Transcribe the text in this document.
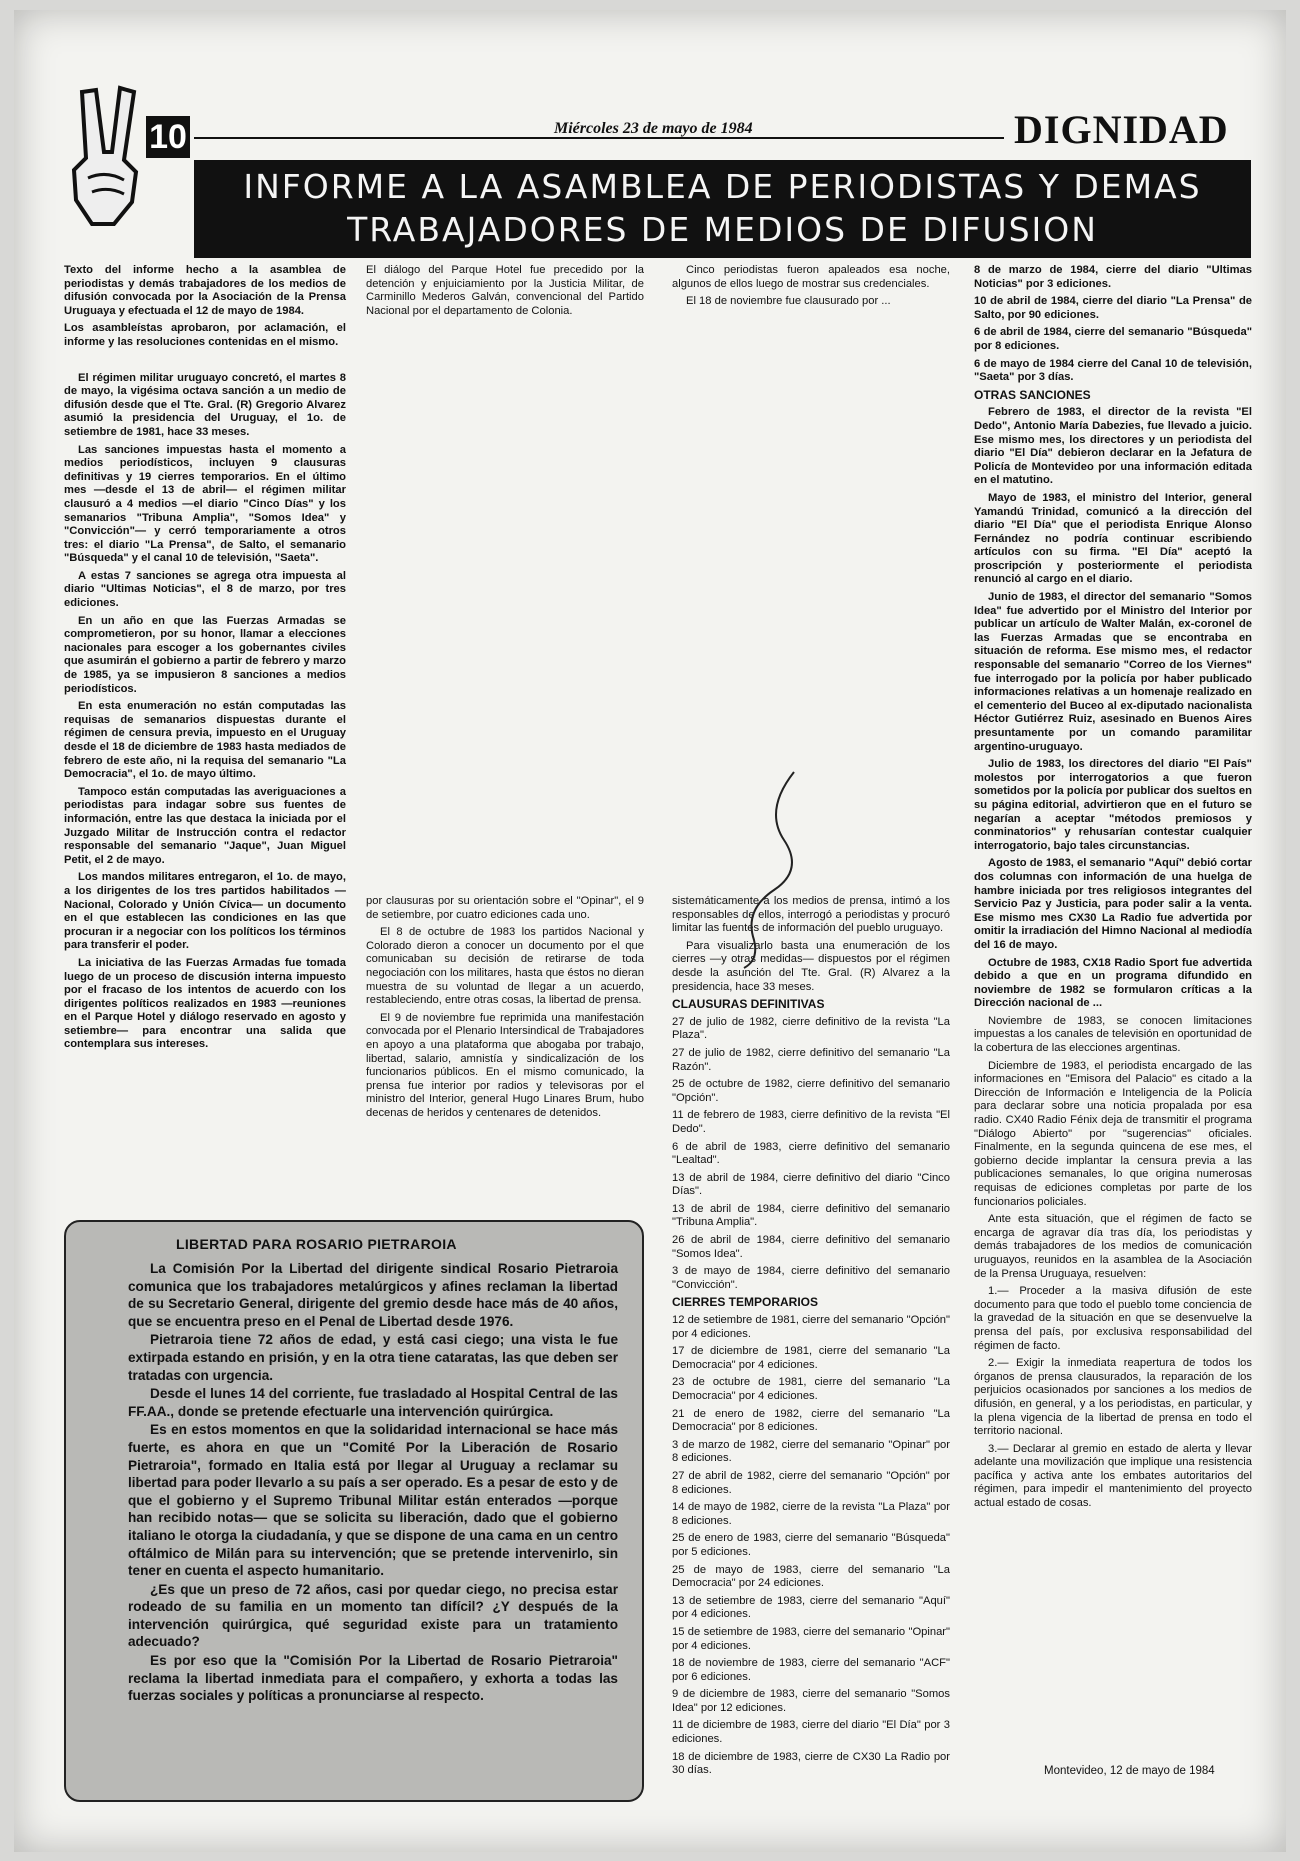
10	Miércoles 23 de mayo de 1984	DIGNIDAD
INFORME A LA ASAMBLEA DE PERIODISTAS Y DEMAS
TRABAJADORES DE MEDIOS DE DIFUSION

Texto del informe hecho a la asamblea de periodistas y demás trabajadores de los medios de difusión convocada por la Asociación de la Prensa Uruguaya y efectuada el 12 de mayo de 1984.

Los asambleístas aprobaron, por aclamación, el informe y las resoluciones contenidas en el mismo.

El régimen militar uruguayo concretó, el martes 8 de mayo, la vigésima octava sanción a un medio de difusión desde que el Tte. Gral. (R) Gregorio Alvarez asumió la presidencia del Uruguay, el 1o. de setiembre de 1981, hace 33 meses.

Las sanciones impuestas hasta el momento a medios periodísticos, incluyen 9 clausuras definitivas y 19 cierres temporarios. En el último mes —desde el 13 de abril— el régimen militar clausuró a 4 medios —el diario "Cinco Días" y los semanarios "Tribuna Amplia", "Somos Idea" y "Convicción"— y cerró temporariamente a otros tres: el diario "La Prensa", de Salto, el semanario "Búsqueda" y el canal 10 de televisión, "Saeta".

A estas 7 sanciones se agrega otra impuesta al diario "Ultimas Noticias", el 8 de marzo, por tres ediciones.

En un año en que las Fuerzas Armadas se comprometieron, por su honor, llamar a elecciones nacionales para escoger a los gobernantes civiles que asumirán el gobierno a partir de febrero y marzo de 1985, ya se impusieron 8 sanciones a medios periodísticos.

En esta enumeración no están computadas las requisas de semanarios dispuestas durante el régimen de censura previa, impuesto en el Uruguay desde el 18 de diciembre de 1983 hasta mediados de febrero de este año, ni la requisa del semanario "La Democracia", el 1o. de mayo último.

Tampoco están computadas las averiguaciones a periodistas para indagar sobre sus fuentes de información, entre las que destaca la iniciada por el Juzgado Militar de Instrucción contra el redactor responsable del semanario "Jaque", Juan Miguel Petit, el 2 de mayo.

Los mandos militares entregaron, el 1o. de mayo, a los dirigentes de los tres partidos habilitados —Nacional, Colorado y Unión Cívica— un documento en el que establecen las condiciones en las que procuran ir a negociar con los políticos los términos para transferir el poder.

La iniciativa de las Fuerzas Armadas fue tomada luego de un proceso de discusión interna impuesto por el fracaso de los intentos de acuerdo con los dirigentes políticos realizados en 1983 —reuniones en el Parque Hotel y diálogo reservado en agosto y setiembre— para encontrar una salida que contemplara sus intereses.

El diálogo del Parque Hotel fue precedido por la detención y enjuiciamiento por la Justicia Militar, de Carminillo Mederos Galván, convencional del Partido Nacional por el departamento de Colonia.

por clausuras por su orientación sobre el "Opinar", el 9 de setiembre, por cuatro ediciones cada uno.

El 8 de octubre de 1983 los partidos Nacional y Colorado dieron a conocer un documento por el que comunicaban su decisión de retirarse de toda negociación con los militares, hasta que éstos no dieran muestra de su voluntad de llegar a un acuerdo, restableciendo, entre otras cosas, la libertad de prensa.

El 9 de noviembre fue reprimida una manifestación convocada por el Plenario Intersindical de Trabajadores en apoyo a una plataforma que abogaba por trabajo, libertad, salario, amnistía y sindicalización de los funcionarios públicos. En el mismo comunicado, la prensa fue interior por radios y televisoras por el ministro del Interior, general Hugo Linares Brum, hubo decenas de heridos y centenares de detenidos.

Cinco periodistas fueron apaleados esa noche, algunos de ellos luego de mostrar sus credenciales.

El 18 de noviembre fue clausurado por ...

sistemáticamente a los medios de prensa, intimó a los responsables de ellos, interrogó a periodistas y procuró limitar las fuentes de información del pueblo uruguayo.

Para visualizarlo basta una enumeración de los cierres —y otras medidas— dispuestos por el régimen desde la asunción del Tte. Gral. (R) Alvarez a la presidencia, hace 33 meses.

CLAUSURAS DEFINITIVAS

27 de julio de 1982, cierre definitivo de la revista "La Plaza".

27 de julio de 1982, cierre definitivo del semanario "La Razón".

25 de octubre de 1982, cierre definitivo del semanario "Opción".

11 de febrero de 1983, cierre definitivo de la revista "El Dedo".

6 de abril de 1983, cierre definitivo del semanario "Lealtad".

13 de abril de 1984, cierre definitivo del diario "Cinco Días".

13 de abril de 1984, cierre definitivo del semanario "Tribuna Amplia".

26 de abril de 1984, cierre definitivo del semanario "Somos Idea".

3 de mayo de 1984, cierre definitivo del semanario "Convicción".

CIERRES TEMPORARIOS

12 de setiembre de 1981, cierre del semanario "Opción" por 4 ediciones.

17 de diciembre de 1981, cierre del semanario "La Democracia" por 4 ediciones.

23 de octubre de 1981, cierre del semanario "La Democracia" por 4 ediciones.

21 de enero de 1982, cierre del semanario "La Democracia" por 8 ediciones.

3 de marzo de 1982, cierre del semanario "Opinar" por 8 ediciones.

27 de abril de 1982, cierre del semanario "Opción" por 8 ediciones.

14 de mayo de 1982, cierre de la revista "La Plaza" por 8 ediciones.

25 de enero de 1983, cierre del semanario "Búsqueda" por 5 ediciones.

25 de mayo de 1983, cierre del semanario "La Democracia" por 24 ediciones.

13 de setiembre de 1983, cierre del semanario "Aquí" por 4 ediciones.

15 de setiembre de 1983, cierre del semanario "Opinar" por 4 ediciones.

18 de noviembre de 1983, cierre del semanario "ACF" por 6 ediciones.

9 de diciembre de 1983, cierre del semanario "Somos Idea" por 12 ediciones.

11 de diciembre de 1983, cierre del diario "El Día" por 3 ediciones.

18 de diciembre de 1983, cierre de CX30 La Radio por 30 días.

8 de marzo de 1984, cierre del diario "Ultimas Noticias" por 3 ediciones.

10 de abril de 1984, cierre del diario "La Prensa" de Salto, por 90 ediciones.

6 de abril de 1984, cierre del semanario "Búsqueda" por 8 ediciones.

6 de mayo de 1984 cierre del Canal 10 de televisión, "Saeta" por 3 días.

OTRAS SANCIONES

Febrero de 1983, el director de la revista "El Dedo", Antonio María Dabezies, fue llevado a juicio. Ese mismo mes, los directores y un periodista del diario "El Día" debieron declarar en la Jefatura de Policía de Montevideo por una información editada en el matutino.

Mayo de 1983, el ministro del Interior, general Yamandú Trinidad, comunicó a la dirección del diario "El Día" que el periodista Enrique Alonso Fernández no podría continuar escribiendo artículos con su firma. "El Día" aceptó la proscripción y posteriormente el periodista renunció al cargo en el diario.

Junio de 1983, el director del semanario "Somos Idea" fue advertido por el Ministro del Interior por publicar un artículo de Walter Malán, ex-coronel de las Fuerzas Armadas que se encontraba en situación de reforma. Ese mismo mes, el redactor responsable del semanario "Correo de los Viernes" fue interrogado por la policía por haber publicado informaciones relativas a un homenaje realizado en el cementerio del Buceo al ex-diputado nacionalista Héctor Gutiérrez Ruiz, asesinado en Buenos Aires presuntamente por un comando paramilitar argentino-uruguayo.

Julio de 1983, los directores del diario "El País" molestos por interrogatorios a que fueron sometidos por la policía por publicar dos sueltos en su página editorial, advirtieron que en el futuro se negarían a aceptar "métodos premiosos y conminatorios" y rehusarían contestar cualquier interrogatorio, bajo tales circunstancias.

Agosto de 1983, el semanario "Aquí" debió cortar dos columnas con información de una huelga de hambre iniciada por tres religiosos integrantes del Servicio Paz y Justicia, para poder salir a la venta. Ese mismo mes CX30 La Radio fue advertida por omitir la irradiación del Himno Nacional al mediodía del 16 de mayo.

Octubre de 1983, CX18 Radio Sport fue advertida debido a que en un programa difundido en noviembre de 1982 se formularon críticas a la Dirección nacional de ...

Noviembre de 1983, se conocen limitaciones impuestas a los canales de televisión en oportunidad de la cobertura de las elecciones argentinas.

Diciembre de 1983, el periodista encargado de las informaciones en "Emisora del Palacio" es citado a la Dirección de Información e Inteligencia de la Policía para declarar sobre una noticia propalada por esa radio. CX40 Radio Fénix deja de transmitir el programa "Diálogo Abierto" por "sugerencias" oficiales. Finalmente, en la segunda quincena de ese mes, el gobierno decide implantar la censura previa a las publicaciones semanales, lo que origina numerosas requisas de ediciones completas por parte de los funcionarios policiales.

Ante esta situación, que el régimen de facto se encarga de agravar día tras día, los periodistas y demás trabajadores de los medios de comunicación uruguayos, reunidos en la asamblea de la Asociación de la Prensa Uruguaya, resuelven:

1.— Proceder a la masiva difusión de este documento para que todo el pueblo tome conciencia de la gravedad de la situación en que se desenvuelve la prensa del país, por exclusiva responsabilidad del régimen de facto.

2.— Exigir la inmediata reapertura de todos los órganos de prensa clausurados, la reparación de los perjuicios ocasionados por sanciones a los medios de difusión, en general, y a los periodistas, en particular, y la plena vigencia de la libertad de prensa en todo el territorio nacional.

3.— Declarar al gremio en estado de alerta y llevar adelante una movilización que implique una resistencia pacífica y activa ante los embates autoritarios del régimen, para impedir el mantenimiento del proyecto actual estado de cosas.

Montevideo, 12 de mayo de 1984
LIBERTAD PARA ROSARIO PIETRAROIA

La Comisión Por la Libertad del dirigente sindical Rosario Pietraroia comunica que los trabajadores metalúrgicos y afines reclaman la libertad de su Secretario General, dirigente del gremio desde hace más de 40 años, que se encuentra preso en el Penal de Libertad desde 1976.

Pietraroia tiene 72 años de edad, y está casi ciego; una vista le fue extirpada estando en prisión, y en la otra tiene cataratas, las que deben ser tratadas con urgencia.

Desde el lunes 14 del corriente, fue trasladado al Hospital Central de las FF.AA., donde se pretende efectuarle una intervención quirúrgica.

Es en estos momentos en que la solidaridad internacional se hace más fuerte, es ahora en que un "Comité Por la Liberación de Rosario Pietraroia", formado en Italia está por llegar al Uruguay a reclamar su libertad para poder llevarlo a su país a ser operado. Es a pesar de esto y de que el gobierno y el Supremo Tribunal Militar están enterados —porque han recibido notas— que se solicita su liberación, dado que el gobierno italiano le otorga la ciudadanía, y que se dispone de una cama en un centro oftálmico de Milán para su intervención; que se pretende intervenirlo, sin tener en cuenta el aspecto humanitario.

¿Es que un preso de 72 años, casi por quedar ciego, no precisa estar rodeado de su familia en un momento tan difícil? ¿Y después de la intervención quirúrgica, qué seguridad existe para un tratamiento adecuado?

Es por eso que la "Comisión Por la Libertad de Rosario Pietraroia" reclama la libertad inmediata para el compañero, y exhorta a todas las fuerzas sociales y políticas a pronunciarse al respecto.
